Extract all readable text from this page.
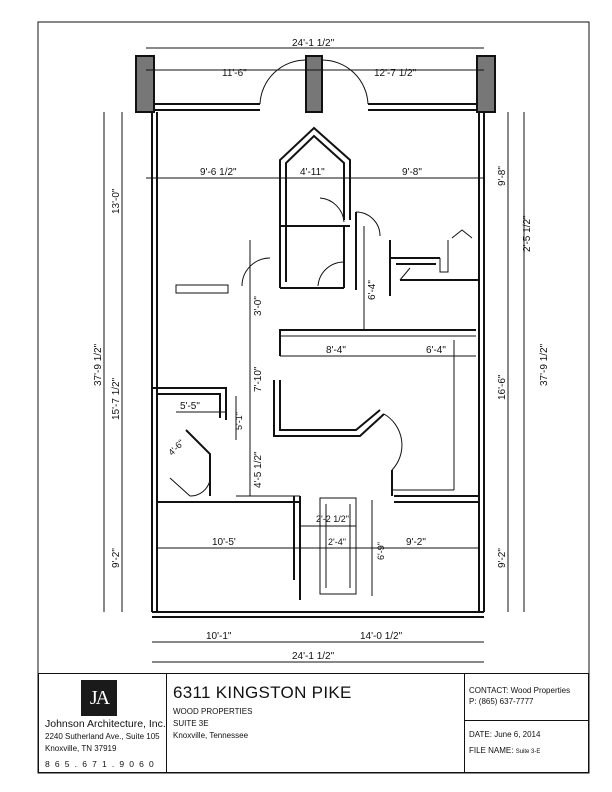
24'-1 1/2"
11'-6"	12'-7 1/2"
9'-6 1/2"	4'-11"	9'-8"
13'-0"
37'-9 1/2"
15'-7 1/2"
9'-2"
9'-8"
2'-5 1/2"
37'-9 1/2"
16'-6"
9'-2"
6'-4"
3'-0"
7'-10"
4'-5 1/2"
8'-4"	6'-4"
5'-5"
5'-1"
4'-6"
2'-2 1/2"
2'-4"
6'-9"
10'-5'	9'-2"
10'-1"	14'-0 1/2"
24'-1 1/2"
JA
Johnson Architecture, Inc.
2240 Sutherland Ave., Suite 105
Knoxville, TN 37919
8 6 5 . 6 7 1 . 9 0 6 0
6311 KINGSTON PIKE
WOOD PROPERTIES
SUITE 3E
Knoxville, Tennessee
CONTACT: Wood Properties
P: (865) 637-7777
DATE: June 6, 2014
FILE NAME: Suite 3-E
